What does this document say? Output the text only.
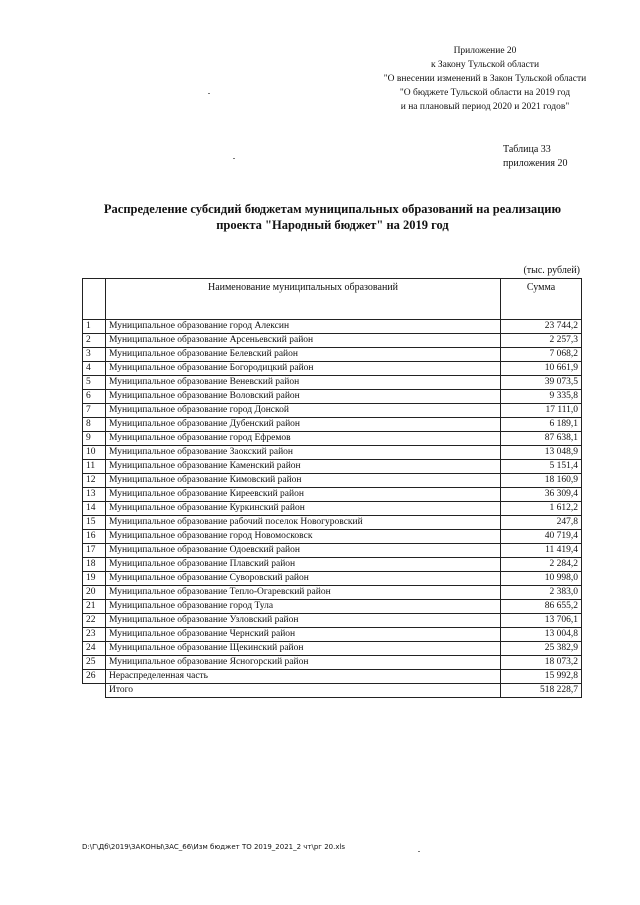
Приложение 20
к Закону Тульской области
"О внесении изменений в Закон Тульской области
"О бюджете Тульской области на 2019 год
и на плановый период 2020 и 2021 годов"
Таблица 33
приложения 20
Распределение субсидий бюджетам муниципальных образований на реализацию
проекта "Народный бюджет" на 2019 год
(тыс. рублей)
	Наименование муниципальных образований	Сумма
1	Муниципальное образование город Алексин	23 744,2
2	Муниципальное образование Арсеньевский район	2 257,3
3	Муниципальное образование Белевский район	7 068,2
4	Муниципальное образование Богородицкий район	10 661,9
5	Муниципальное образование Веневский район	39 073,5
6	Муниципальное образование Воловский район	9 335,8
7	Муниципальное образование город Донской	17 111,0
8	Муниципальное образование Дубенский район	6 189,1
9	Муниципальное образование город Ефремов	87 638,1
10	Муниципальное образование Заокский район	13 048,9
11	Муниципальное образование Каменский район	5 151,4
12	Муниципальное образование Кимовский район	18 160,9
13	Муниципальное образование Киреевский район	36 309,4
14	Муниципальное образование Куркинский район	1 612,2
15	Муниципальное образование рабочий поселок Новогуровский	247,8
16	Муниципальное образование город Новомосковск	40 719,4
17	Муниципальное образование Одоевский район	11 419,4
18	Муниципальное образование Плавский район	2 284,2
19	Муниципальное образование Суворовский район	10 998,0
20	Муниципальное образование Тепло-Огаревский район	2 383,0
21	Муниципальное образование город Тула	86 655,2
22	Муниципальное образование Узловский район	13 706,1
23	Муниципальное образование Чернский район	13 004,8
24	Муниципальное образование Щекинский район	25 382,9
25	Муниципальное образование Ясногорский район	18 073,2
26	Нераспределенная часть	15 992,8
	Итого	518 228,7
D:\Г\Дб\2019\ЗАКОНЫ\ЗАС_66\Изм бюджет ТО 2019_2021_2 чт\рг 20.xls
